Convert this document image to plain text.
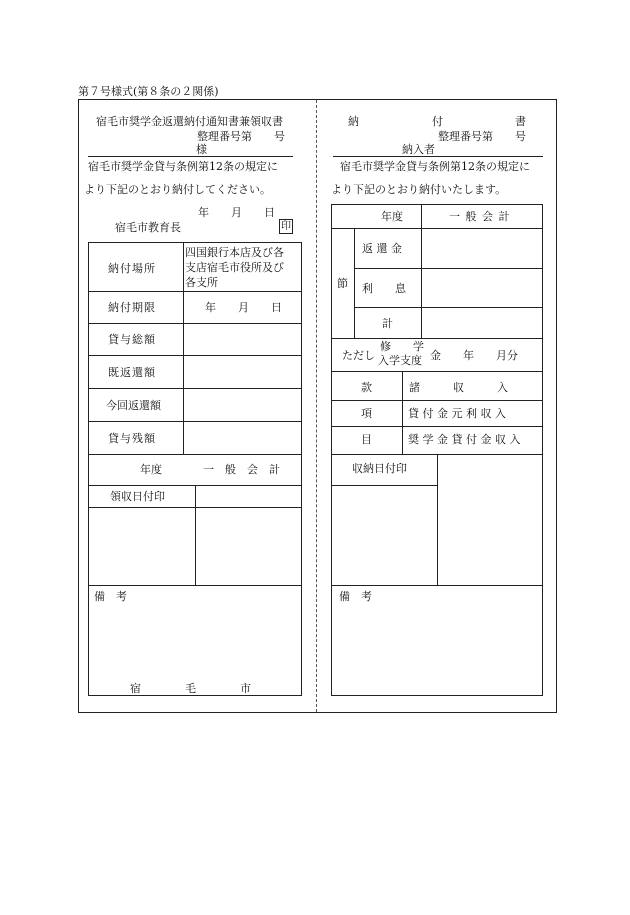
第７号様式(第８条の２関係)
宿毛市奨学金返還納付通知書兼領収書
整理番号第　　号
様
宿毛市奨学金貸与条例第12条の規定に
より下記のとおり納付してください。
年　　月　　日
宿毛市教育長	印
納付場所
四国銀行本店及び各
支店宿毛市役所及び
各支所
納付期限	年　　月　　日
貸与総額
既返還額
今回返還額
貸与残額
年度	一　般　会　計
領収日付印
備　考
宿　　　　毛　　　　市
納	付	書
整理番号第　　号
納入者
宿毛市奨学金貸与条例第12条の規定に
より下記のとおり納付いたします。
年度	一 般 会 計
節
返 還 金
利　　息
計
ただし
修　　学
入学支度 金　　年　　月分
款	諸　　　収　　　入
項	貸 付 金 元 利 収 入
目	奨 学 金 貸 付 金 収 入
収納日付印
備　考
